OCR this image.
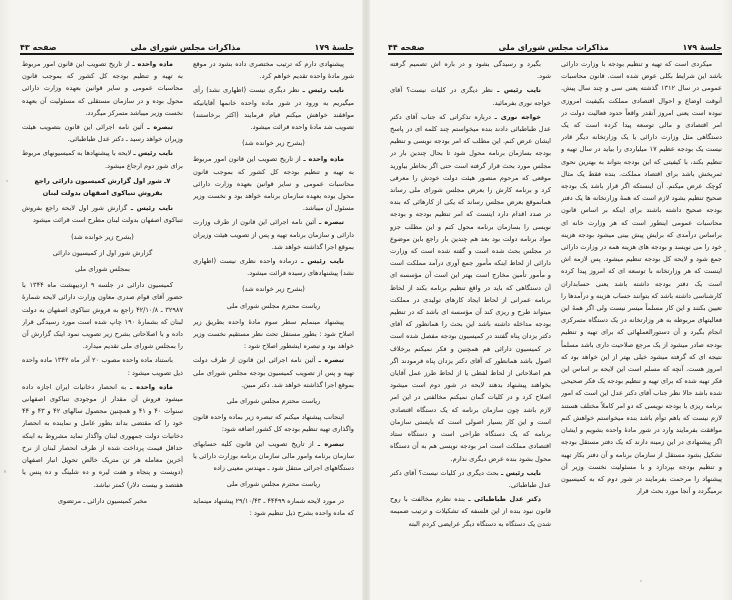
جلسهٔ ۱۷۹
مذاکرات مجلس شورای ملی
صفحه ۴۳

پیشنهادی دارم که ترتیب مختصری داده بشود در موقع شور مادهٔ واحده تقدیم خواهم کرد.

نایب رئیس ـ نظر دیگری نیست (اظهاری نشد) رأی میگیریم به ورود در شور ماده واحده خانمها آقایانیکه موافقند خواهش میکنم قیام فرمایند (اکثر برخاستند) تصویب شد مادهٔ واحده قرائت میشود.

(بشرح زیر خوانده شد)

ماده واحده ـ از تاریخ تصویب این قانون امور مربوط به تهیه و تنظیم بودجه کل کشور که بموجب قانون محاسبات عمومی و سایر قوانین بعهده وزارت دارائی محول بوده بعهده سازمان برنامه خواهد بود و نخست وزیر مسئول آن میباشد.

تبصره ـ آئین نامه اجرائی این قانون از طرف وزارت دارائی و سازمان برنامه تهیه و پس از تصویب هیئت وزیران بموقع اجرا گذاشته خواهد شد.

نایب رئیس ـ درماده واحده نظری نیست (اظهاری نشد) پیشنهادهای رسیده قرائت میشود.

(بشرح زیر خوانده شد)

ریاست محترم مجلس شورای ملی

پیشنهاد مینمایم سطر سوم مادهٔ واحده بطریق زیر اصلاح شود : بطور مستقل تحت نظر مستقیم نخست وزیر خواهد بود و تبصره ایشطور اصلاح شود :

تبصره ـ آئین نامه اجرائی این قانون از طرف دولت تهیه و پس از تصویب کمیسیون بودجه مجلس شورای ملی بموقع اجرا گذاشته خواهد شد. دکتر مبین.

ریاست محترم مجلس شورای ملی

اینجانب پیشنهاد میکنم که تبصره زیر بماده واحده قانون واگذاری تهیه تنظیم بودجه کل کشور اضافه شود:

تبصره ـ از تاریخ تصویب این قانون کلیه حسابهای سازمان برنامه وامور مالی سازمان برنامه بوزارت دارائی یا دستگاههای اجرائی منتقل شود ـ مهندس معینی زاده

ریاست محترم مجلس شورای ملی

در مورد لایحه شماره ۴۴۴۹۹ ـ ۲۹/۱۰/۴۳ پیشنهاد مینماید که ماده واحده بشرح ذیل تنظیم شود :

ماده واحده ـ از تاریخ تصویب این قانون امور مربوط به تهیه و تنظیم بودجه کل کشور که بموجب قانون محاسبات عمومی و سایر قوانین بعهده وزارت دارائی محول بوده و در سازمان مستقلی که مسئولیت آن بعهده نخست وزیر میباشد متمرکز میگردد.

تبصره ـ آئین نامه اجرائی این قانون بتصویب هیئت وزیران خواهد رسید ـ دکتر عدل طباطبائی.

نایب رئیس ـ لایحه با پیشنهادها به کمیسیونهای مربوط برای شور دوم ارجاع میشود.

۷ـ شور اول گزارش کمیسیون دارائی راجع بفروش تنباکوی اصفهان بدولت لبنان

نایب رئیس ـ گزارش شور اول لایحه راجع بفروش تنباکوی اصفهان بدولت لبنان مطرح است قرائت میشود

(بشرح زیر خوانده شد)

گزارش شور اول از کمیسیون دارائی

بمجلس شورای ملی

کمیسیون دارائی در جلسه ۹ اردیبهشت ماه ۱۳۴۴ با حضور آقای قوام صدری معاون وزارت دارائی لایحه شمارهٔ ۳۲۹۸۷ ـ ۴۲/۱۰/۸ راجع به فروش تنباکوی اصفهان به دولت لبنان که بشمارهٔ ۱۹۰ چاپ شده است مورد رسیدگی قرار داده و با اصلاحاتی بشرح زیر تصویب نمود اینک گزارش آن را بمجلس شورای ملی تقدیم میدارد.

باستناد ماده واحده مصوب ۲۰ آذر ماه ۱۳۴۲ ماده واحده ذیل تصویب میشود :

ماده واحده ـ به انحصار دخانیات ایران اجازه داده میشود فروش آن مقدار از موجودی تنباکوی اصفهانی سنوات ۴۰ و ۴۱ و همچنین محصول سالهای ۴۲ و ۴۳ و ۴۴ خود را که مقتضی بداند بطور عامل و نماینده به انحصار دخانیات دولت جمهوری لبنان واگذار نماید مشروط به اینکه حداقل قیمت پرداخت شده از طرف انحصار لبنان از نرخ آخرین معامله هر تن متریک خالص تحویل انبار اصفهان (دویست و پنجاه و هفت لیره و ده شلینگ و ده پنس یا هفتصد و بیست دلار) کمتر نباشد.

مخبر کمیسیون دارائی ـ مرتضوی

جلسهٔ ۱۷۹
مذاکرات مجلس شورای ملی
صفحه ۴۴

میکردی است که تهیه و تنظیم بودجه با وزارت دارائی باشد این شرایط بکلی عوض شده است. قانون محاسبات عمومی در سال ۱۳۱۲ گذشته یعنی سی و چند سال پیش. آنوقت اوضاع و احوال اقتصادی مملکت بکیفیت امروزی نبوده است یعنی امروز آنقدر واقعاً حدود فعالیت دولت در امر اقتصادی و مالی توسعه پیدا کرده است که یک دستگاهی مثل وزارت دارائی یا یک وزارتخانه دیگر قادر نیست یک بودجه عظیم ۱۷ میلیاردی را بیاید در سال تهیه و تنظیم بکند، با کیفیتی که این بودجه بتواند به بهترین نحوی ثمربخش باشد برای اقتصاد مملکت. بنده فقط یک مثال کوچک عرض میکنم. آن اینستکه اگر قرار باشد یک بودجه صحیح تنظیم بشود لازم است که همهٔ وزارتخانه ها یک دفتر بودجه صحیح داشته باشند برای اینکه بر اساس قانون محاسبات عمومی اینطور است که هر وزارت خانه ای براساس درآمدی که برایش پیش بینی میشود بودجه هزینه خود را می نویسد و بودجه های هزینه همه در وزارت دارائی جمع شود و لایحه کل بودجه تنظیم میشود. پس لازمه اش اینست که هر وزارتخانه با توسعه ای که امروز پیدا کرده است یک دفتر بودجه داشته باشد یعنی حسابداران کارشناسی داشته باشد که بتوانند حساب هزینه و درآمدها را تعیین بکنند و این کار مسلماً میسر نیست ولی اگر همهٔ این فعالیتهای مربوطه به هر وزارتخانه در یک دستگاه متمرکزی انجام بگیرد و آن دستورالعملهائی که برای تهیه و تنظیم بودجه صادر میشود از یک مرجع صلاحیت داری باشد مسلماً نتیجه ای که گرفته میشود خیلی بهتر از این خواهد بود که امروز هست. آنچه که مسلم است این لایحه بر اساس این فکر تهیه شده که برای تهیه و تنظیم بودجه یک فکر صحیحی شده باشد حالا نظر جناب آقای دکتر عدل این است که امور برنامه ریزی با بودجه نویسی که دو امر کاملاً مختلف هستند لازم نیست که باهم توأم باشد بنده میخواستم خواهش کنم موافقت بفرمایند وارد در شور مادهٔ واحده بشویم و ایشان اگر پیشنهادی در این زمینه دارند که یک دفتر مستقل بودجه تشکیل بشود مستقل از سازمان برنامه و آن دفتر بکار تهیه و تنظیم بودجه بپردازد و با مسئولیت نخست وزیر آن پیشنهاد را مرحمت بفرمایند در شور دوم که به کمیسیون برمیگردد و آنجا مورد بحث قرار

بگیرد و رسیدگی بشود و در باره اش تصمیم گرفته شود.

نایب رئیس ـ نظر دیگری در کلیات نیست؟ آقای خواجه نوری بفرمائید.

خواجه نوری ـ درباره تذکراتی که جناب آقای دکتر عدل طباطبائی دادند بنده میخواستم چند کلمه ای در پاسخ ایشان عرض کنم. این مطلب که امر بودجه نویسی و تنظیم بودجه بسازمان برنامه محول شود تا بحال چندین بار در مجلس مورد بحث قرار گرفته است حتی اگر بخاطر بیاورید موقعی که مرحوم منصور هیئت دولت خودش را معرفی کرد و برنامه کارش را بعرض مجلس شورای ملی رساند همانموقع بعرض مجلس رساند که یکی از کارهائی که بنده در صدد اقدام دارد اینست که امر تنظیم بودجه و بودجه نویسی را بسازمان برنامه محول کنم و این مطلب جزو مواد برنامه دولت بود بعد هم چندین بار راجع باین موضوع در مجلس بحث شده است و گفته شده است که وزارت دارائی از لحاظ اینکه مأمور جمع آوری درآمد مملکت است و مأمور تأمین مخارج است بهتر این است آن مؤسسه ای آن دستگاهی که باید در واقع تنظیم برنامه بکند از لحاظ برنامه عمرانی از لحاظ ایجاد کارهای تولیدی در مملکت میتواند طرح و ریزی کند آن مؤسسه ای باشد که در تنظیم بودجه مداخله داشته باشد این بحث را همانطور که آقای دکتر یزدان پناه گفتند در کمیسیون بودجه مفصل شده است در کمیسیون دارائی هم همچنین و فکر نمیکنم برخلاف اصول باشد همانطور که آقای دکتر یزدان پناه فرمودند اگر هم اصلاحاتی از لحاظ لفظی یا از لحاظ طرز عمل آقایان بخواهند پیشنهاد بدهند لایحه در شور دوم است میشود اصلاح کرد و در کلیات گمان نمیکنم مخالفتی در این امر لازم باشد چون سازمان برنامه که یک دستگاه اقتصادی است و این کار بسیار اصولی است که بایستی سازمان برنامه که یک دستگاه طراحی است و دستگاه ستاد اقتصادی مملکت است امر بودجه نویسی هم به آن دستگاه محول بشود بنده عرض دیگری ندارم.

نایب رئیس ـ بحث دیگری در کلیات نیست؟ آقای دکتر عدل طباطبائی.

دکتر عدل طباطبائی ـ بنده نظرم مخالفت با روح قانون نبود بنده از این فلسفه که تشکیلات و ترتیب ضمیمه شدن یک دستگاه به دستگاه دیگر عرایضی کردم البته
